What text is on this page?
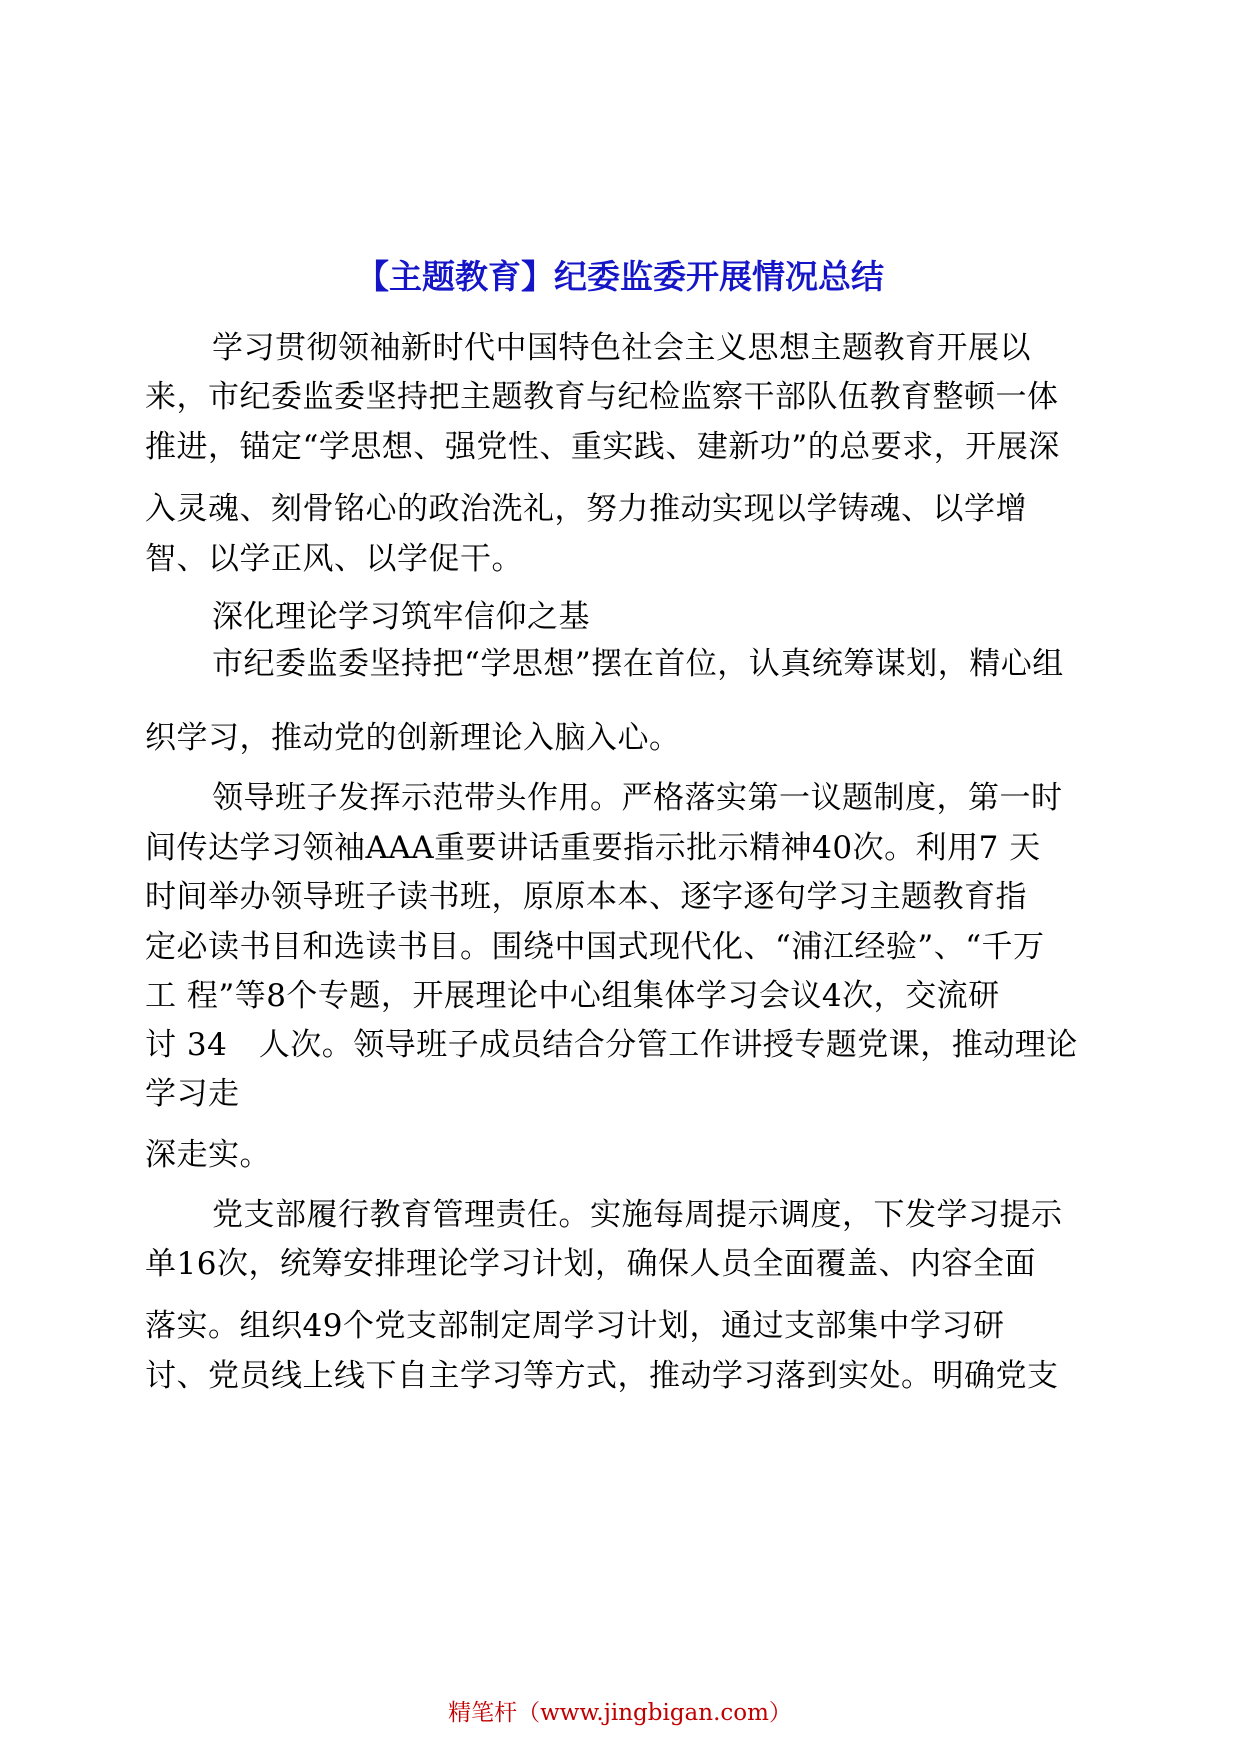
【主题教育】纪委监委开展情况总结
学习贯彻领袖新时代中国特色社会主义思想主题教育开展以
来，市纪委监委坚持把主题教育与纪检监察干部队伍教育整顿一体
推进，锚定“学思想、强党性、重实践、建新功”的总要求，开展深
入灵魂、刻骨铭心的政治洗礼，努力推动实现以学铸魂、以学增
智、以学正风、以学促干。
深化理论学习筑牢信仰之基
市纪委监委坚持把“学思想”摆在首位，认真统筹谋划，精心组
织学习，推动党的创新理论入脑入心。
领导班子发挥示范带头作用。严格落实第一议题制度，第一时
间传达学习领袖AAA重要讲话重要指示批示精神40次。利用7 天
时间举办领导班子读书班，原原本本、逐字逐句学习主题教育指
定必读书目和选读书目。围绕中国式现代化、“浦江经验”、“千万
工 程”等8个专题，开展理论中心组集体学习会议4次，交流研
讨 34　人次。领导班子成员结合分管工作讲授专题党课，推动理论
学习走
深走实。
党支部履行教育管理责任。实施每周提示调度，下发学习提示
单16次，统筹安排理论学习计划，确保人员全面覆盖、内容全面
落实。组织49个党支部制定周学习计划，通过支部集中学习研
讨、党员线上线下自主学习等方式，推动学习落到实处。明确党支
精笔杆（www.jingbigan.com）
